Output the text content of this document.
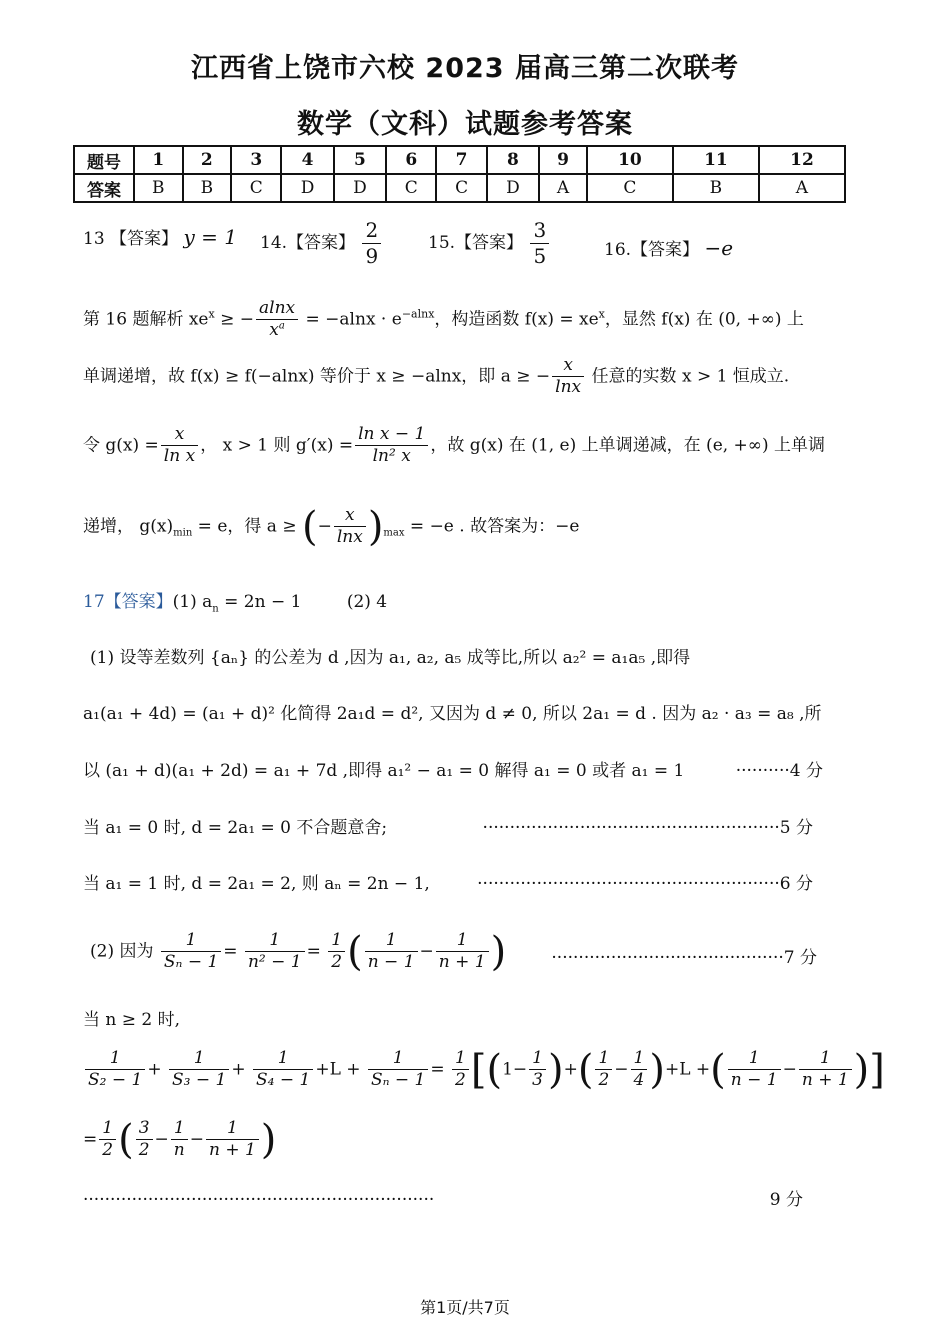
江西省上饶市六校 2023 届高三第二次联考
数学（文科）试题参考答案
题号	1	2	3	4	5	6	7	8	9	10	11	12
答案	B	B	C	D	D	C	C	D	A	C	B	A
13 【答案】 y = 1 14.【答案】 $\frac{2}{9}$	15.【答案】 $\frac{3}{5}$	16.【答案】 −e
第 16 题解析 $xe^x$ ≥ − $\frac{alnx}{x^a} = -alnx \cdot e^{-alnx}$，构造函数 $f(x) = xe^x$，显然 f(x) 在 (0, +∞) 上
单调递增，故 f(x) ≥ f(−alnx) 等价于 x ≥ −alnx，即 a ≥ − $\frac{x}{\ln x}$ 任意的实数 x > 1 恒成立.
令 $g(x) = \frac{x}{\text{ln x}}$ ， x > 1 则 $g'(x) = \frac{\text{ln x − 1}}{\text{ln² x}}$ ，故 g(x) 在 (1, e) 上单调递减，在 (e, +∞) 上单调
递增， $g(x)_{min} = e$，得 a ≥ (− $\frac{x}{\ln x} )_{max} = -e$ . 故答案为：−e
17【答案】(1) $a_n = 2n - 1$	(2) 4
(1) 设等差数列 {aₙ} 的公差为 d ,因为 a₁, a₂, a₅ 成等比,所以 a₂² = a₁a₅ ,即得
a₁(a₁ + 4d) = (a₁ + d)² 化简得 2a₁d = d², 又因为 d ≠ 0, 所以 2a₁ = d . 因为 a₂ · a₃ = a₈ ,所
以 (a₁ + d)(a₁ + 2d) = a₁ + 7d ,即得 a₁² − a₁ = 0 解得 a₁ = 0 或者 a₁ = 1	··········4 分
当 a₁ = 0 时, d = 2a₁ = 0 不合题意舍;	·······················································5 分
当 a₁ = 1 时, d = 2a₁ = 2, 则 aₙ = 2n − 1,	························································6 分
(2) 因为 $\frac{1}{\text{Sₙ − 1}} = \frac{1}{\text{n² − 1}} = \frac{1}{2}$ ( $\frac{1}{n - 1} - \frac{1}{n + 1}$ )	···········································7 分
当 n ≥ 2 时,
$\frac{1}{\text{S₂ − 1}} + \frac{1}{\text{S₃ − 1}} + \frac{1}{\text{S₄ − 1}} +L + \frac{1}{\text{Sₙ − 1}} = \frac{1}{2} [(1- \frac{1}{3}$ )+( $\frac{1}{2} - \frac{1}{4} )+L$ +( $\frac{1}{n - 1} - \frac{1}{n + 1}$ )]
= $\frac{1}{2}$ ( $\frac{3}{2} - \frac{1}{n} - \frac{1}{n + 1}$ )
·································································	9 分
第1页/共7页
